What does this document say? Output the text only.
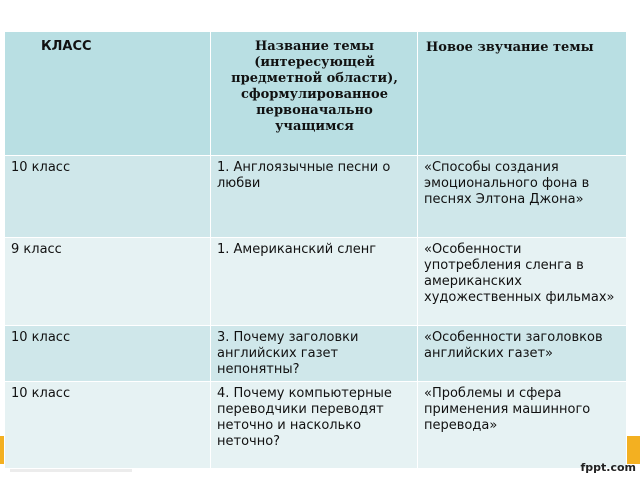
КЛАСС	Название темы (интересующей предметной области), сформулированное первоначально учащимся	Новое звучание темы
10 класс	1. Англоязычные песни о любви	«Способы создания эмоционального фона в песнях Элтона Джона»
9 класс	1. Американский сленг	«Особенности употребления сленга в американских художественных фильмах»
10 класс	3. Почему заголовки английских газет непонятны?	«Особенности заголовков английских газет»
10 класс	4. Почему компьютерные переводчики переводят неточно и насколько неточно?	«Проблемы и сфера применения машинного перевода»
fppt.com
